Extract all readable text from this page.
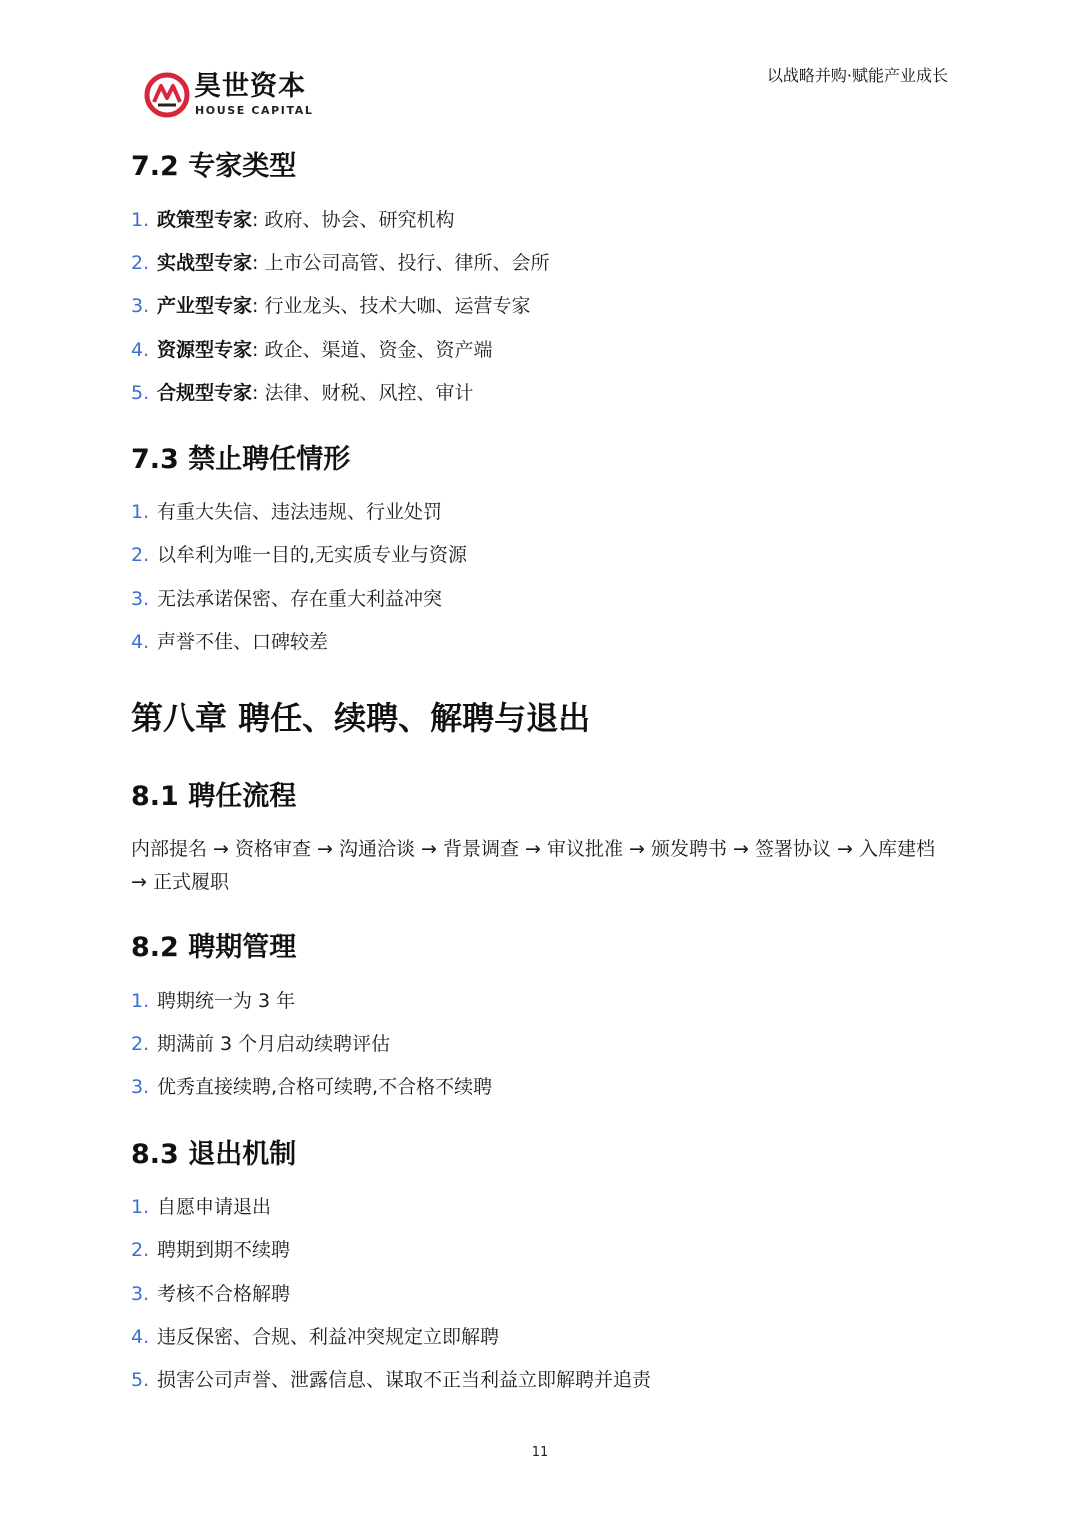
昊世资本
HOUSE CAPITAL
以战略并购·赋能产业成长
7.2 专家类型
1. 政策型专家: 政府、协会、研究机构
2. 实战型专家: 上市公司高管、投行、律所、会所
3. 产业型专家: 行业龙头、技术大咖、运营专家
4. 资源型专家: 政企、渠道、资金、资产端
5. 合规型专家: 法律、财税、风控、审计
7.3 禁止聘任情形
1. 有重大失信、违法违规、行业处罚
2. 以牟利为唯一目的,无实质专业与资源
3. 无法承诺保密、存在重大利益冲突
4. 声誉不佳、口碑较差
第八章 聘任、续聘、解聘与退出
8.1 聘任流程
内部提名 → 资格审查 → 沟通洽谈 → 背景调查 → 审议批准 → 颁发聘书 → 签署协议 → 入库建档 → 正式履职
8.2 聘期管理
1. 聘期统一为 3 年
2. 期满前 3 个月启动续聘评估
3. 优秀直接续聘,合格可续聘,不合格不续聘
8.3 退出机制
1. 自愿申请退出
2. 聘期到期不续聘
3. 考核不合格解聘
4. 违反保密、合规、利益冲突规定立即解聘
5. 损害公司声誉、泄露信息、谋取不正当利益立即解聘并追责
11
